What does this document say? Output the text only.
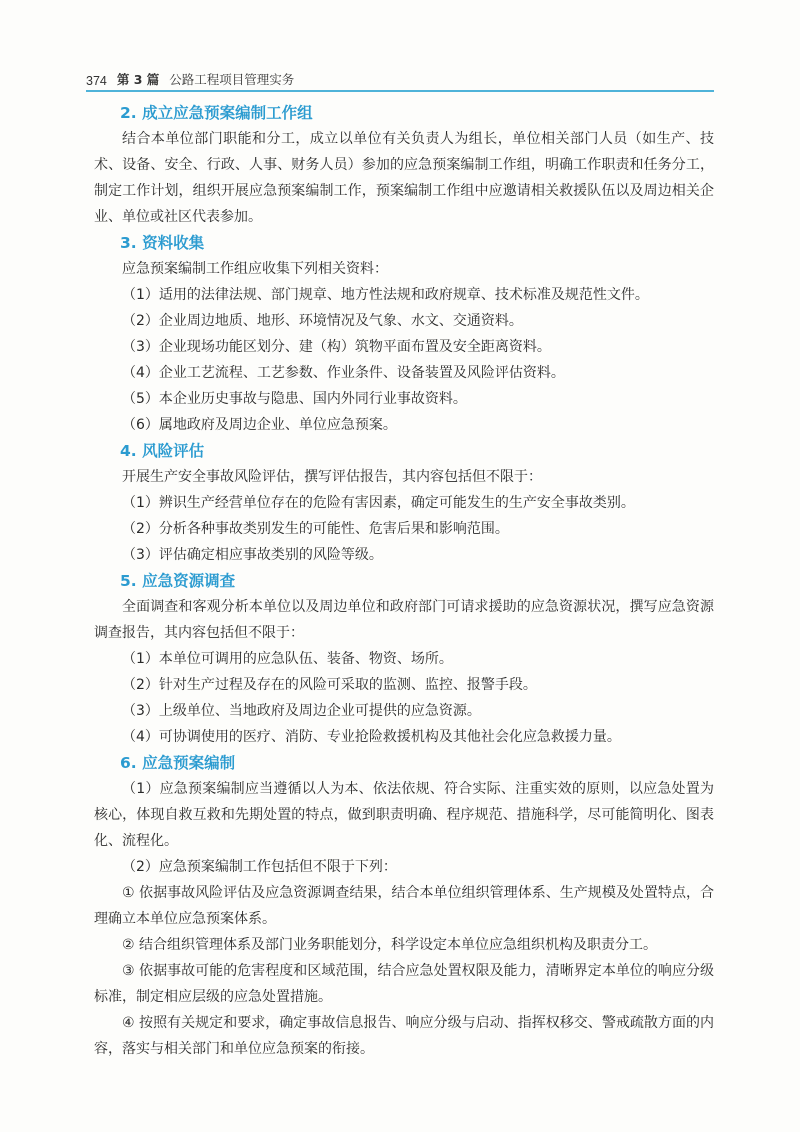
374 第 3 篇 公路工程项目管理实务
2. 成立应急预案编制工作组

结合本单位部门职能和分工，成立以单位有关负责人为组长，单位相关部门人员（如生产、技术、设备、安全、行政、人事、财务人员）参加的应急预案编制工作组，明确工作职责和任务分工，制定工作计划，组织开展应急预案编制工作，预案编制工作组中应邀请相关救援队伍以及周边相关企业、单位或社区代表参加。

3. 资料收集

应急预案编制工作组应收集下列相关资料：

（1）适用的法律法规、部门规章、地方性法规和政府规章、技术标准及规范性文件。

（2）企业周边地质、地形、环境情况及气象、水文、交通资料。

（3）企业现场功能区划分、建（构）筑物平面布置及安全距离资料。

（4）企业工艺流程、工艺参数、作业条件、设备装置及风险评估资料。

（5）本企业历史事故与隐患、国内外同行业事故资料。

（6）属地政府及周边企业、单位应急预案。

4. 风险评估

开展生产安全事故风险评估，撰写评估报告，其内容包括但不限于：

（1）辨识生产经营单位存在的危险有害因素，确定可能发生的生产安全事故类别。

（2）分析各种事故类别发生的可能性、危害后果和影响范围。

（3）评估确定相应事故类别的风险等级。

5. 应急资源调查

全面调查和客观分析本单位以及周边单位和政府部门可请求援助的应急资源状况，撰写应急资源调查报告，其内容包括但不限于：

（1）本单位可调用的应急队伍、装备、物资、场所。

（2）针对生产过程及存在的风险可采取的监测、监控、报警手段。

（3）上级单位、当地政府及周边企业可提供的应急资源。

（4）可协调使用的医疗、消防、专业抢险救援机构及其他社会化应急救援力量。

6. 应急预案编制

（1）应急预案编制应当遵循以人为本、依法依规、符合实际、注重实效的原则，以应急处置为核心，体现自救互救和先期处置的特点，做到职责明确、程序规范、措施科学，尽可能简明化、图表化、流程化。

（2）应急预案编制工作包括但不限于下列：

① 依据事故风险评估及应急资源调查结果，结合本单位组织管理体系、生产规模及处置特点，合理确立本单位应急预案体系。

② 结合组织管理体系及部门业务职能划分，科学设定本单位应急组织机构及职责分工。

③ 依据事故可能的危害程度和区域范围，结合应急处置权限及能力，清晰界定本单位的响应分级标准，制定相应层级的应急处置措施。

④ 按照有关规定和要求，确定事故信息报告、响应分级与启动、指挥权移交、警戒疏散方面的内容，落实与相关部门和单位应急预案的衔接。
